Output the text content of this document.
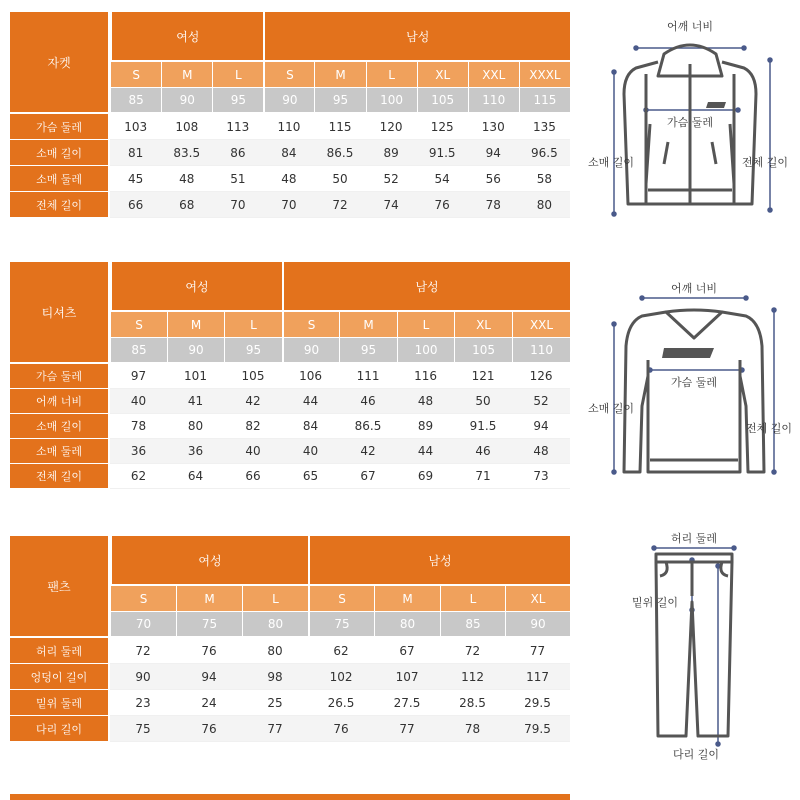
자켓	여성			남성					
	S	M	L	S	M	L	XL	XXL	XXXL
	85	90	95	90	95	100	105	110	115
가슴 둘레	103	108	113	110	115	120	125	130	135
소매 길이	81	83.5	86	84	86.5	89	91.5	94	96.5
소매 둘레	45	48	51	48	50	52	54	56	58
전체 길이	66	68	70	70	72	74	76	78	80
어깨 너비
가슴 둘레
소매 길이	전체 길이
티셔츠	여성			남성				
	S	M	L	S	M	L	XL	XXL
	85	90	95	90	95	100	105	110
가슴 둘레	97	101	105	106	111	116	121	126
어깨 너비	40	41	42	44	46	48	50	52
소매 길이	78	80	82	84	86.5	89	91.5	94
소매 둘레	36	36	40	40	42	44	46	48
전체 길이	62	64	66	65	67	69	71	73
어깨 너비
가슴 둘레
소매 길이
전체 길이
팬츠	여성			남성			
	S	M	L	S	M	L	XL
	70	75	80	75	80	85	90
허리 둘레	72	76	80	62	67	72	77
엉덩이 길이	90	94	98	102	107	112	117
밑위 둘레	23	24	25	26.5	27.5	28.5	29.5
다리 길이	75	76	77	76	77	78	79.5
허리 둘레
밑위 길이
다리 길이
